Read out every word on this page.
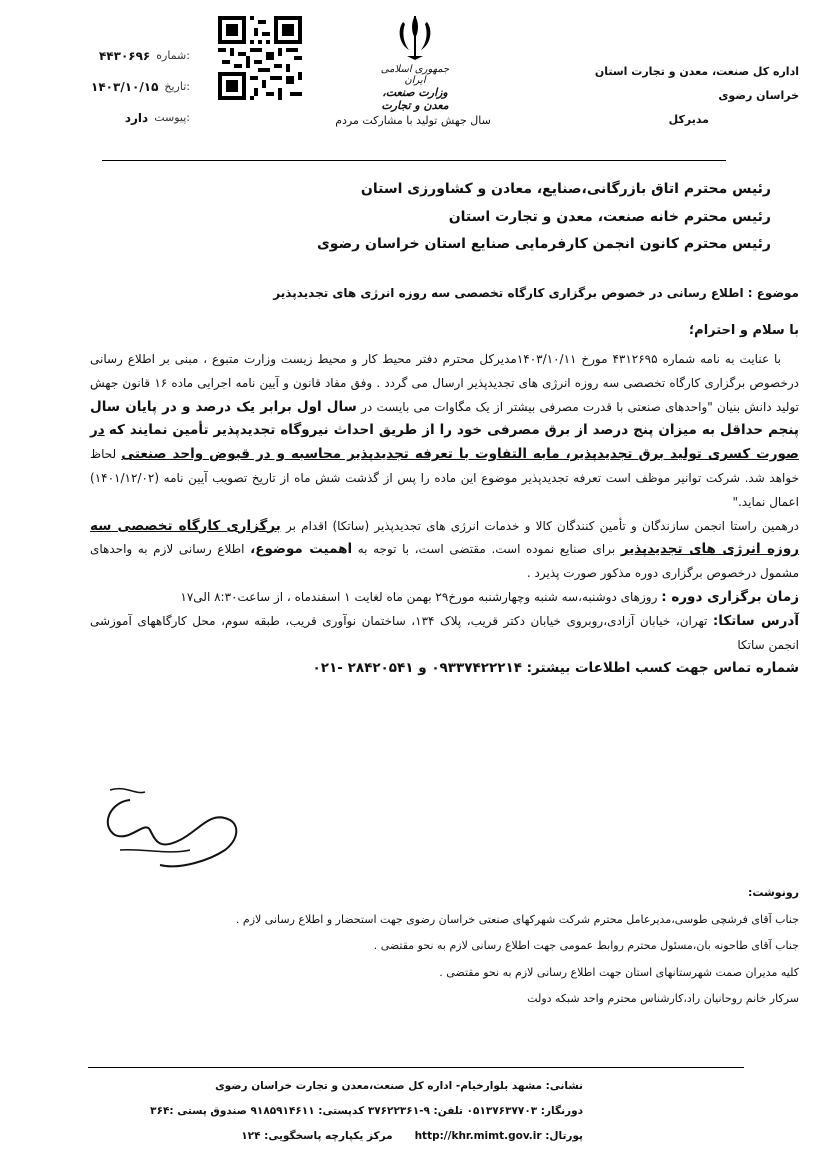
اداره کل صنعت، معدن و تجارت استان خراسان رضوی
مدیرکل
جمهوری اسلامی ایران
وزارت صنعت، معدن و تجارت
سال جهش تولید با مشارکت مردم
شماره:
۴۴۳۰۶۹۶
تاریخ:
۱۴۰۳/۱۰/۱۵
پیوست:
دارد
رئیس محترم اتاق بازرگانی،صنایع، معادن و کشاورزی استان
رئیس محترم خانه صنعت، معدن و تجارت استان
رئیس محترم کانون انجمن کارفرمایی صنایع استان خراسان رضوی
موضوع : اطلاع رسانی در خصوص برگزاری کارگاه تخصصی سه روزه انرژی های تجدیدپذیر
با سلام و احترام؛

با عنایت به نامه شماره ۴۳۱۲۶۹۵ مورخ ۱۴۰۳/۱۰/۱۱مدیرکل محترم دفتر محیط کار و محیط زیست وزارت متبوع ، مبنی بر اطلاع رسانی درخصوص برگزاری کارگاه تخصصی سه روزه انرژی های تجدیدپذیر ارسال می گردد . وفق مفاد قانون و آیین نامه اجرایی ماده ۱۶ قانون جهش تولید دانش بنیان "واحدهای صنعتی با قدرت مصرفی بیشتر از یک مگاوات می بایست در سال اول برابر یک درصد و در پایان سال پنجم حداقل به میزان پنج درصد از برق مصرفی خود را از طریق احداث نیروگاه تجدیدپذیر تأمین نمایند که در صورت کسری تولید برق تجدیدپذیر، مابه التفاوت با تعرفه تجدیدپذیر محاسبه و در قبوض واحد صنعتی لحاظ خواهد شد. شرکت توانیر موظف است تعرفه تجدیدپذیر موضوع این ماده را پس از گذشت شش ماه از تاریخ تصویب آیین نامه (۱۴۰۱/۱۲/۰۲) اعمال نماید."

درهمین راستا انجمن سازندگان و تأمین کنندگان کالا و خدمات انرژی های تجدیدپذیر (ساتکا) اقدام بر برگزاری کارگاه تخصصی سه روزه انرژی های تجدیدپذیر برای صنایع نموده است. مقتضی است، با توجه به اهمیت موضوع، اطلاع رسانی لازم به واحدهای مشمول درخصوص برگزاری دوره مذکور صورت پذیرد .

زمان برگزاری دوره : روزهای دوشنبه،سه شنبه وچهارشنبه مورخ۲۹ بهمن ماه لغایت ۱ اسفندماه ، از ساعت۸:۳۰ الی۱۷

آدرس ساتکا: تهران، خیابان آزادی،روبروی خیابان دکتر قریب، پلاک ۱۳۴، ساختمان نوآوری قریب، طبقه سوم، محل کارگاههای آموزشی انجمن ساتکا

شماره تماس جهت کسب اطلاعات بیشتر: ۰۹۳۳۷۴۲۲۲۱۴ و ۲۸۴۲۰۵۴۱ -۰۲۱

رونوشت:
جناب آقای فرشچی طوسی،مدیرعامل محترم شرکت شهرکهای صنعتی خراسان رضوی جهت استحضار و اطلاع رسانی لازم .
جناب آقای طاحونه بان،مسئول محترم روابط عمومی جهت اطلاع رسانی لازم به نحو مقتضی .
کلیه مدیران صمت شهرستانهای استان جهت اطلاع رسانی لازم به نحو مقتضی .
سرکار خانم روحانیان راد،کارشناس محترم واحد شبکه دولت
نشانی: مشهد بلوارخیام- اداره کل صنعت،معدن و تجارت خراسان رضوی
دورنگار: ۰۵۱۳۷۶۳۷۷۰۳ تلفن: ۹-۳۷۶۲۲۳۶۱ کدپستی: ۹۱۸۵۹۱۴۶۱۱ صندوق پستی :۳۶۴
پورتال: http://khr.mimt.gov.ir      مرکز یکپارچه پاسخگویی: ۱۲۴
